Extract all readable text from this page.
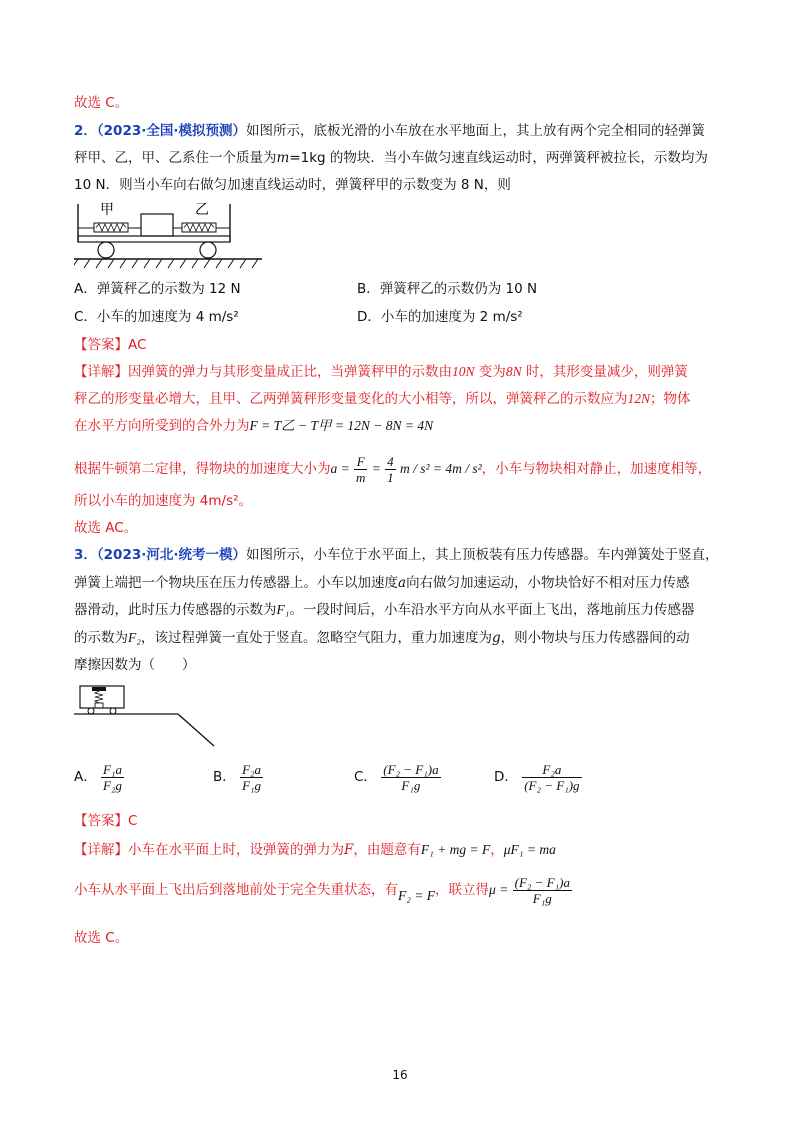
故选 C。
2．（2023·全国·模拟预测）如图所示，底板光滑的小车放在水平地面上，其上放有两个完全相同的轻弹簧
秤甲、乙，甲、乙系住一个质量为m=1kg 的物块．当小车做匀速直线运动时，两弹簧秤被拉长，示数均为
10 N．则当小车向右做匀加速直线运动时，弹簧秤甲的示数变为 8 N，则
甲	乙
A．弹簧秤乙的示数为 12 N	B．弹簧秤乙的示数仍为 10 N
C．小车的加速度为 4 m/s²	D．小车的加速度为 2 m/s²
【答案】AC
【详解】因弹簧的弹力与其形变量成正比，当弹簧秤甲的示数由10N 变为8N 时，其形变量减少，则弹簧
秤乙的形变量必增大，且甲、乙两弹簧秤形变量变化的大小相等，所以，弹簧秤乙的示数应为12N；物体
在水平方向所受到的合外力为F = T乙 − T甲 = 12N − 8N = 4N
根据牛顿第二定律，得物块的加速度大小为$a = \frac{F}{m} = \frac{4}{1}$ m / s² = 4m / s²，小车与物块相对静止，加速度相等，
所以小车的加速度为 4m/s²。
故选 AC。
3．（2023·河北·统考一模）如图所示，小车位于水平面上，其上顶板装有压力传感器。车内弹簧处于竖直，
弹簧上端把一个物块压在压力传感器上。小车以加速度a向右做匀加速运动，小物块恰好不相对压力传感
器滑动，此时压力传感器的示数为F₁。一段时间后，小车沿水平方向从水平面上飞出，落地前压力传感器
的示数为F₂，该过程弹簧一直处于竖直。忽略空气阻力，重力加速度为g，则小物块与压力传感器间的动
摩擦因数为（　　）
A． $\frac{\text{F₁a}}{\text{F₂g}}$	B． $\frac{\text{F₂a}}{\text{F₁g}}$	C． $\frac{\text{(F₂ − F₁)a}}{\text{F₁g}}$	D． $\frac{\text{F₂a}}{\text{(F₂ − F₁)g}}$
【答案】C
【详解】小车在水平面上时，设弹簧的弹力为F，由题意有F₁ + mg = F，μF₁ = ma
小车从水平面上飞出后到落地前处于完全失重状态，有F₂ = F，联立得$\mu = \frac{\text{(F₂ − F₁)a}}{\text{F₁g}}$
故选 C。
16
